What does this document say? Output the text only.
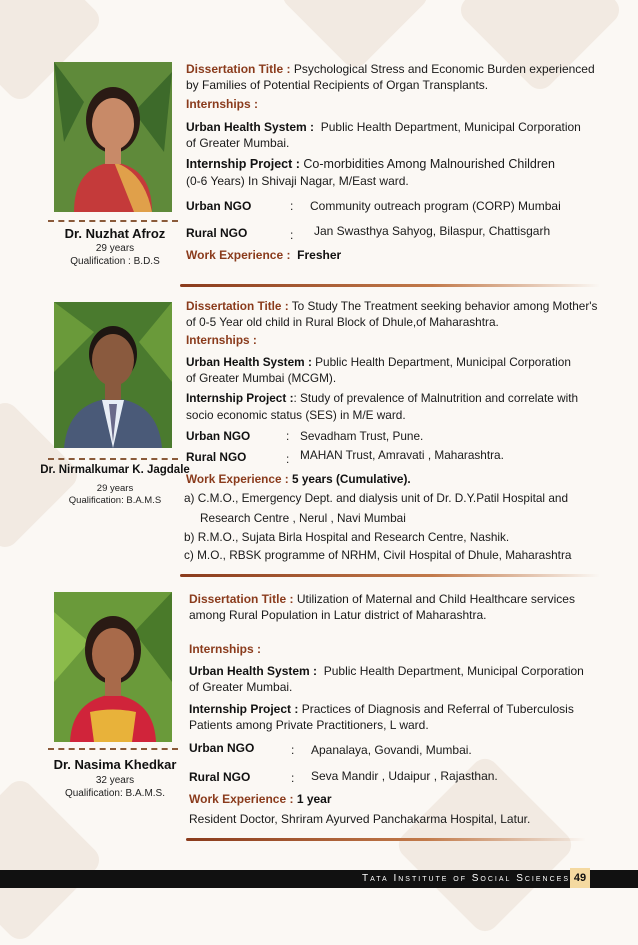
Dr. Nuzhat Afroz
29 years
Qualification : B.D.S
Dissertation Title : Psychological Stress and Economic Burden experienced
by Families of Potential Recipients of Organ Transplants.
Internships :
Urban Health System : Public Health Department, Municipal Corporation
of Greater Mumbai.
Internship Project : Co-morbidities Among Malnourished Children
(0-6 Years) In Shivaji Nagar, M/East ward.
Urban NGO	: Community outreach program (CORP) Mumbai
Rural NGO	: Jan Swasthya Sahyog, Bilaspur, Chattisgarh
Work Experience : Fresher
Dr. Nirmalkumar K. Jagdale
29 years
Qualification: B.A.M.S
Dissertation Title : To Study The Treatment seeking behavior among Mother's
of 0-5 Year old child in Rural Block of Dhule,of Maharashtra.
Internships :
Urban Health System : Public Health Department, Municipal Corporation
of Greater Mumbai (MCGM).
Internship Project :: Study of prevalence of Malnutrition and correlate with
socio economic status (SES) in M/E ward.
Urban NGO	: Sevadham Trust, Pune.
Rural NGO	: MAHAN Trust, Amravati , Maharashtra.
Work Experience : 5 years (Cumulative).
a) C.M.O., Emergency Dept. and dialysis unit of Dr. D.Y.Patil Hospital and
Research Centre , Nerul , Navi Mumbai
b) R.M.O., Sujata Birla Hospital and Research Centre, Nashik.
c) M.O., RBSK programme of NRHM, Civil Hospital of Dhule, Maharashtra
Dr. Nasima Khedkar
32 years
Qualification: B.A.M.S.
Dissertation Title : Utilization of Maternal and Child Healthcare services
among Rural Population in Latur district of Maharashtra.
Internships :
Urban Health System : Public Health Department, Municipal Corporation
of Greater Mumbai.
Internship Project : Practices of Diagnosis and Referral of Tuberculosis
Patients among Private Practitioners, L ward.
Urban NGO	: Apanalaya, Govandi, Mumbai.
Rural NGO	: Seva Mandir , Udaipur , Rajasthan.
Work Experience : 1 year
Resident Doctor, Shriram Ayurved Panchakarma Hospital, Latur.
Tata Institute of Social Sciences 49
